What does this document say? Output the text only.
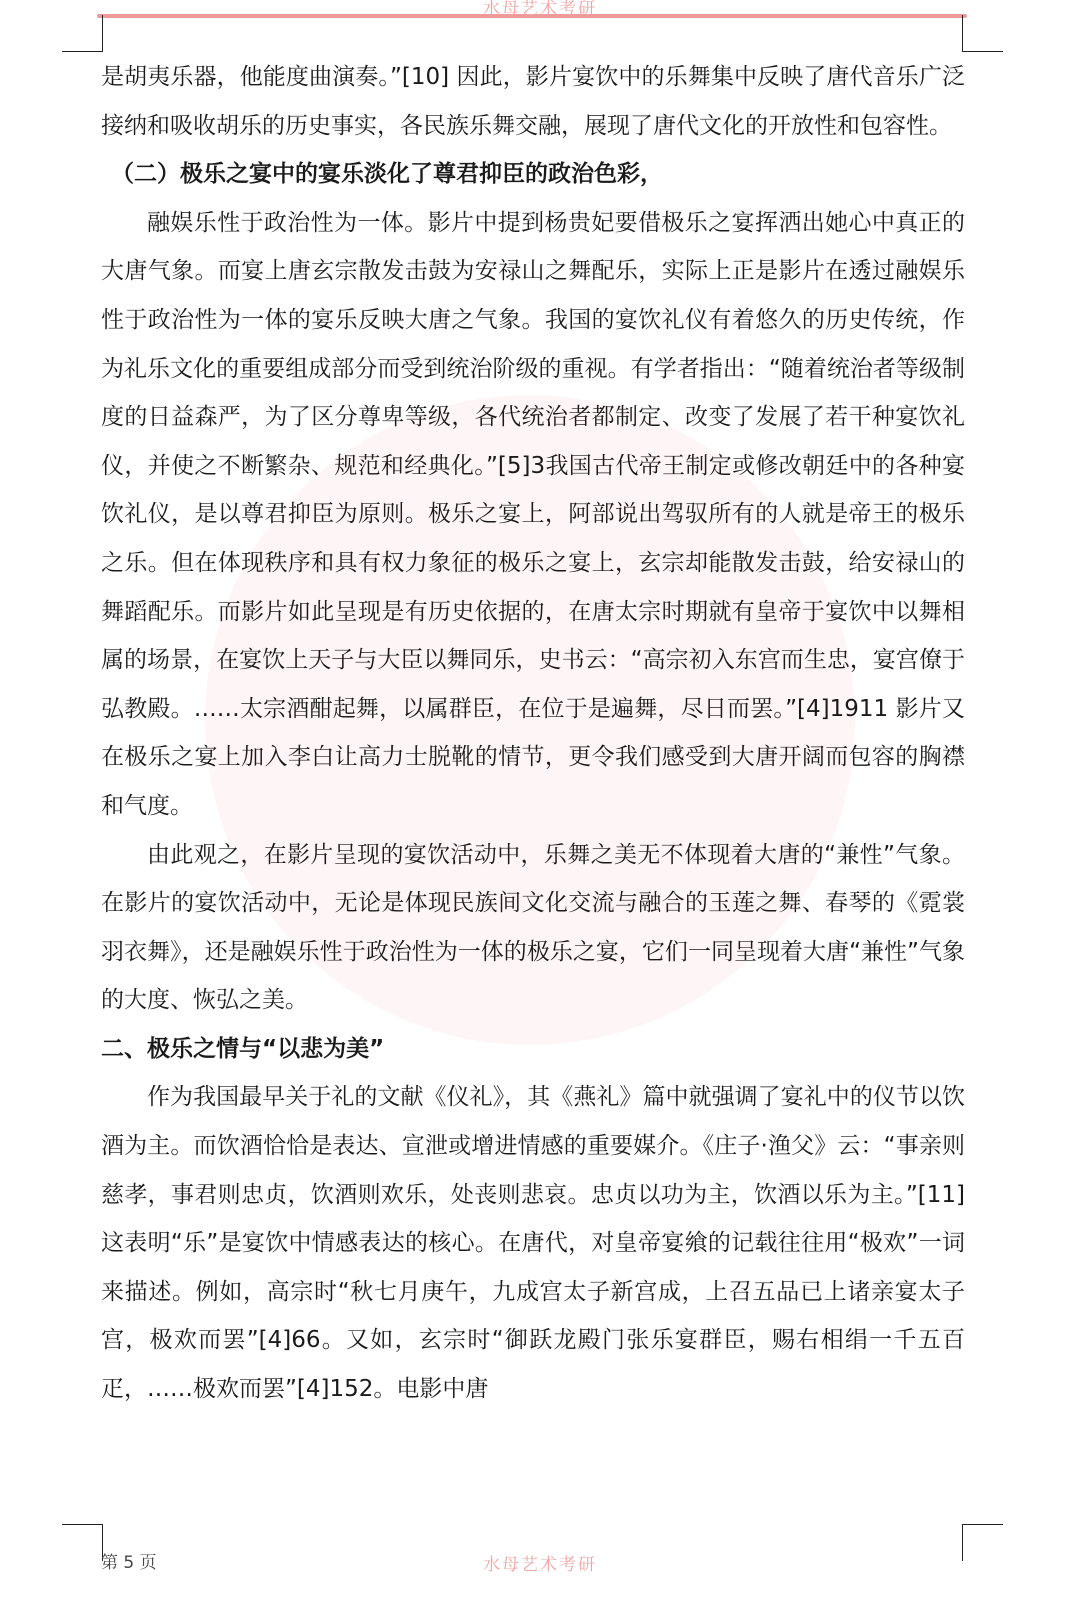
水母艺术考研

是胡夷乐器，他能度曲演奏。”[10] 因此，影片宴饮中的乐舞集中反映了唐代音乐广泛接纳和吸收胡乐的历史事实，各民族乐舞交融，展现了唐代文化的开放性和包容性。

（二）极乐之宴中的宴乐淡化了尊君抑臣的政治色彩，

融娱乐性于政治性为一体。影片中提到杨贵妃要借极乐之宴挥洒出她心中真正的大唐气象。而宴上唐玄宗散发击鼓为安禄山之舞配乐，实际上正是影片在透过融娱乐性于政治性为一体的宴乐反映大唐之气象。我国的宴饮礼仪有着悠久的历史传统，作为礼乐文化的重要组成部分而受到统治阶级的重视。有学者指出：“随着统治者等级制度的日益森严，为了区分尊卑等级，各代统治者都制定、改变了发展了若干种宴饮礼仪，并使之不断繁杂、规范和经典化。”[5]3我国古代帝王制定或修改朝廷中的各种宴饮礼仪，是以尊君抑臣为原则。极乐之宴上，阿部说出驾驭所有的人就是帝王的极乐之乐。但在体现秩序和具有权力象征的极乐之宴上，玄宗却能散发击鼓，给安禄山的舞蹈配乐。而影片如此呈现是有历史依据的，在唐太宗时期就有皇帝于宴饮中以舞相属的场景，在宴饮上天子与大臣以舞同乐，史书云：“高宗初入东宫而生忠，宴宫僚于弘教殿。……太宗酒酣起舞，以属群臣，在位于是遍舞，尽日而罢。”[4]1911 影片又在极乐之宴上加入李白让高力士脱靴的情节，更令我们感受到大唐开阔而包容的胸襟和气度。

由此观之，在影片呈现的宴饮活动中，乐舞之美无不体现着大唐的“兼性”气象。在影片的宴饮活动中，无论是体现民族间文化交流与融合的玉莲之舞、春琴的《霓裳羽衣舞》，还是融娱乐性于政治性为一体的极乐之宴，它们一同呈现着大唐“兼性”气象的大度、恢弘之美。

二、极乐之情与“以悲为美”

作为我国最早关于礼的文献《仪礼》，其《燕礼》篇中就强调了宴礼中的仪节以饮酒为主。而饮酒恰恰是表达、宣泄或增进情感的重要媒介。《庄子·渔父》云：“事亲则慈孝，事君则忠贞，饮酒则欢乐，处丧则悲哀。忠贞以功为主，饮酒以乐为主。”[11] 这表明“乐”是宴饮中情感表达的核心。在唐代，对皇帝宴飨的记载往往用“极欢”一词来描述。例如，高宗时“秋七月庚午，九成宫太子新宫成，上召五品已上诸亲宴太子宫，极欢而罢”[4]66。又如，玄宗时“御跃龙殿门张乐宴群臣，赐右相绢一千五百疋，……极欢而罢”[4]152。电影中唐

第 5 页	水母艺术考研
